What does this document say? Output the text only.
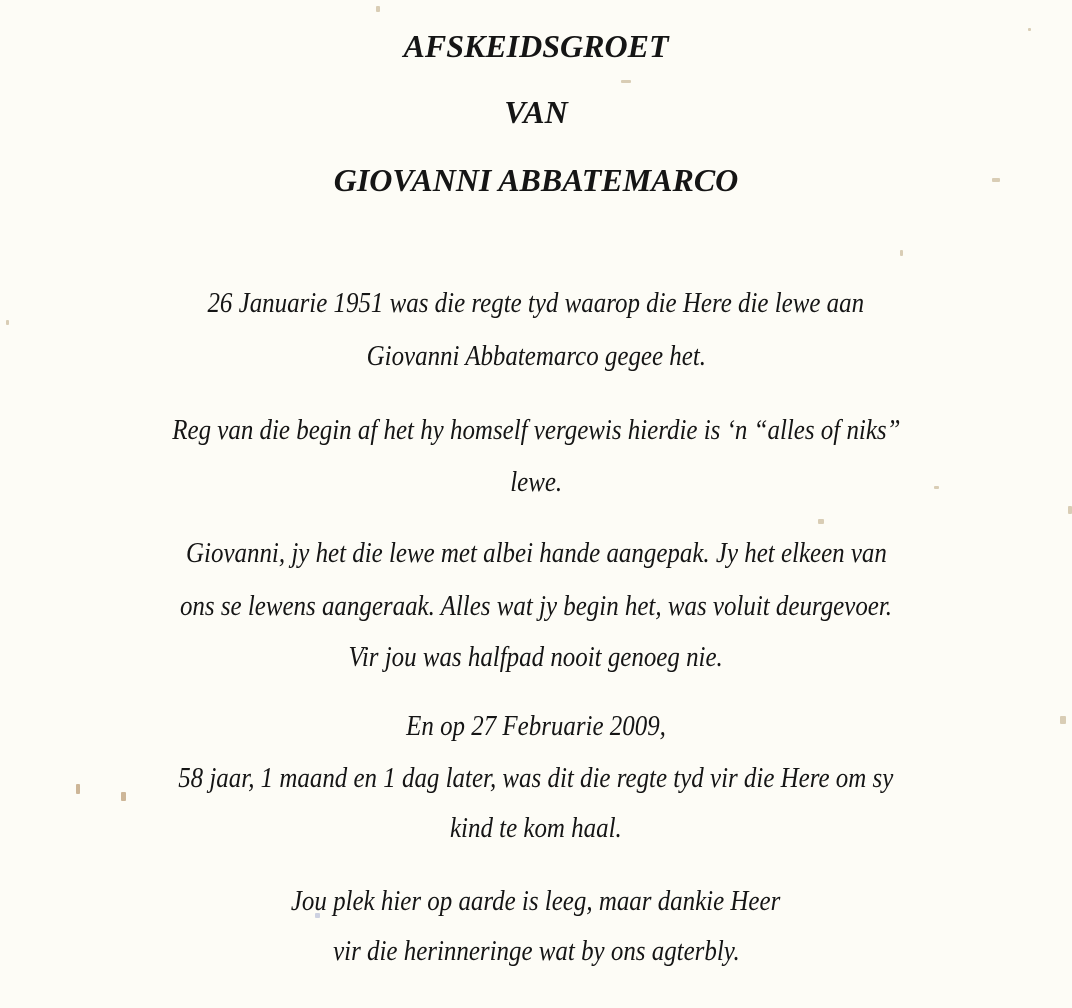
AFSKEIDSGROET
VAN
GIOVANNI ABBATEMARCO
26 Januarie 1951 was die regte tyd waarop die Here die lewe aan
Giovanni Abbatemarco gegee het.
Reg van die begin af het hy homself vergewis hierdie is ‘n “alles of niks”
lewe.
Giovanni, jy het die lewe met albei hande aangepak. Jy het elkeen van
ons se lewens aangeraak. Alles wat jy begin het, was voluit deurgevoer.
Vir jou was halfpad nooit genoeg nie.
En op 27 Februarie 2009,
58 jaar, 1 maand en 1 dag later, was dit die regte tyd vir die Here om sy
kind te kom haal.
Jou plek hier op aarde is leeg, maar dankie Heer
vir die herinneringe wat by ons agterbly.
